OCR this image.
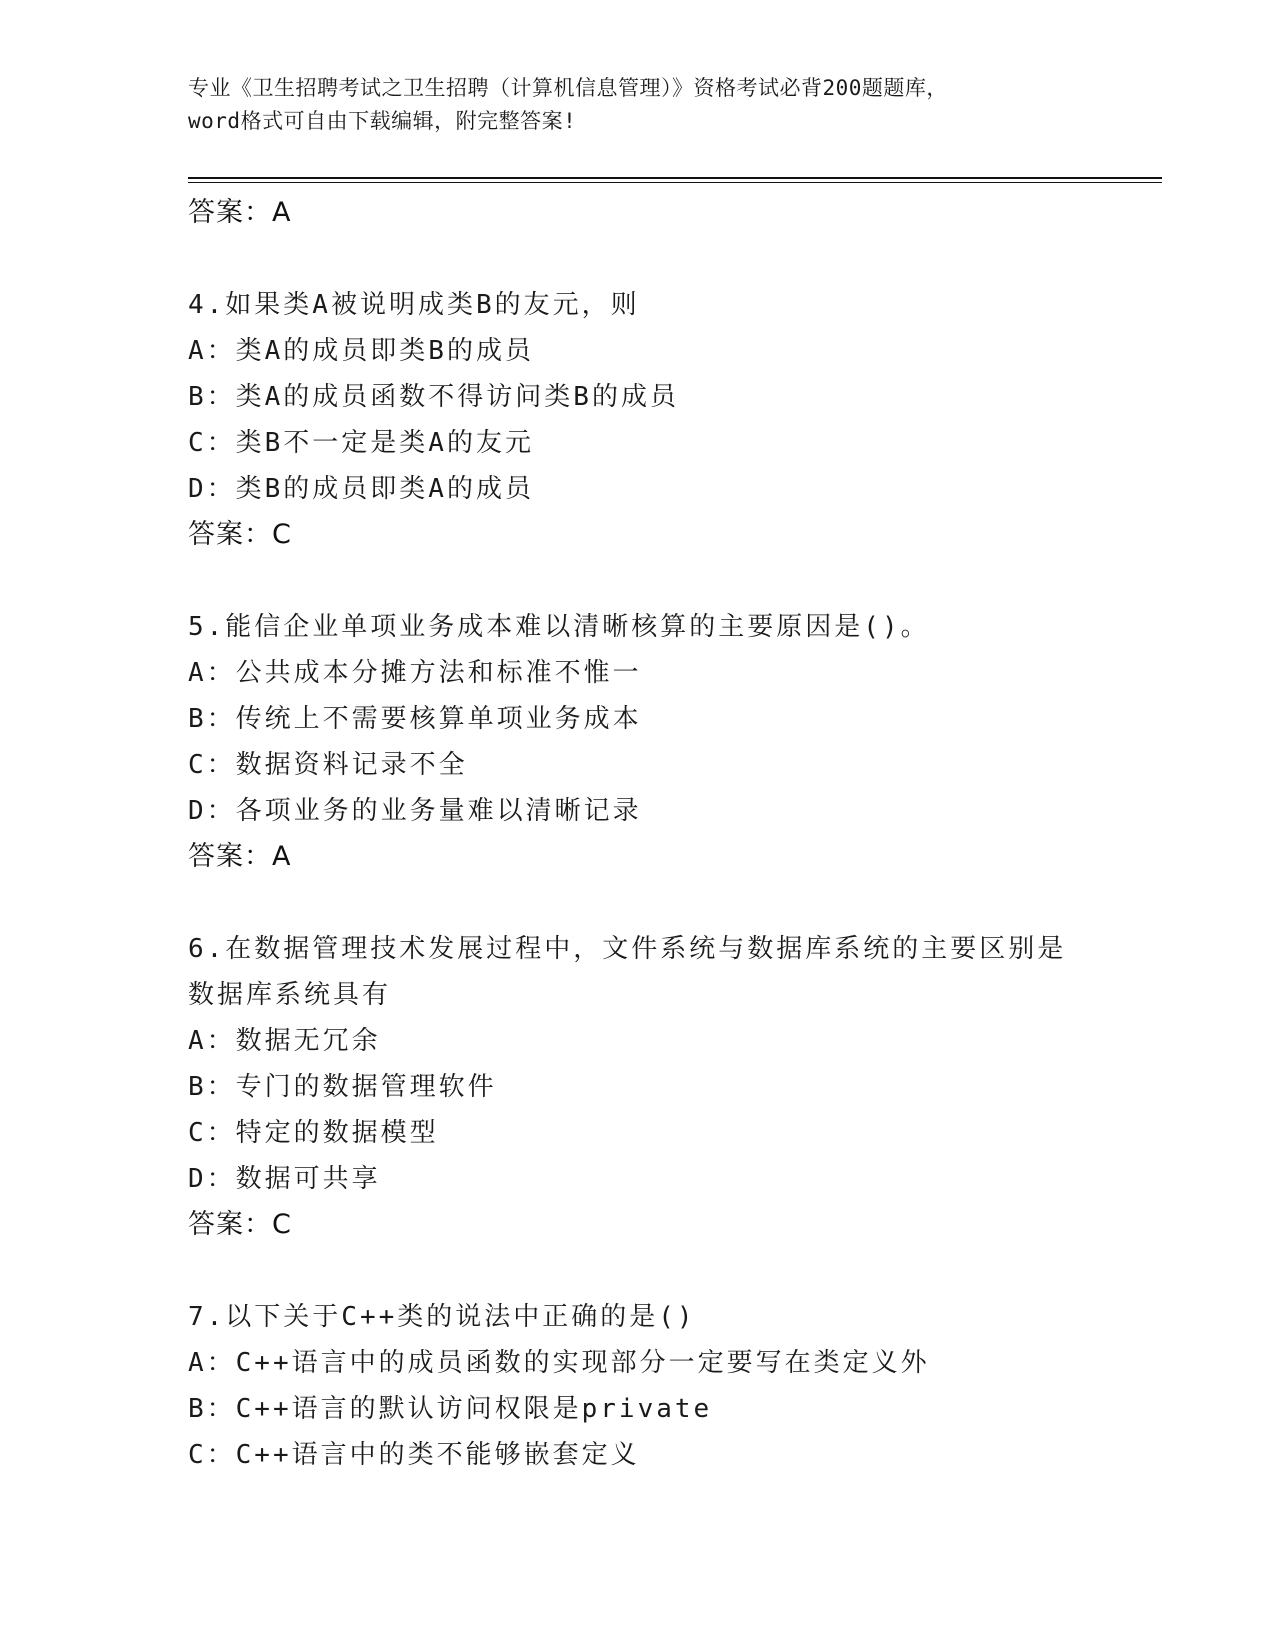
专业《卫生招聘考试之卫生招聘（计算机信息管理）》资格考试必背200题题库，
word格式可自由下载编辑，附完整答案!
答案：A
4.如果类A被说明成类B的友元，则
A：类A的成员即类B的成员
B：类A的成员函数不得访问类B的成员
C：类B不一定是类A的友元
D：类B的成员即类A的成员
答案：C
5.能信企业单项业务成本难以清晰核算的主要原因是()。
A：公共成本分摊方法和标准不惟一
B：传统上不需要核算单项业务成本
C：数据资料记录不全
D：各项业务的业务量难以清晰记录
答案：A
6.在数据管理技术发展过程中，文件系统与数据库系统的主要区别是
数据库系统具有
A：数据无冗余
B：专门的数据管理软件
C：特定的数据模型
D：数据可共享
答案：C
7.以下关于C++类的说法中正确的是()
A：C++语言中的成员函数的实现部分一定要写在类定义外
B：C++语言的默认访问权限是private
C：C++语言中的类不能够嵌套定义
